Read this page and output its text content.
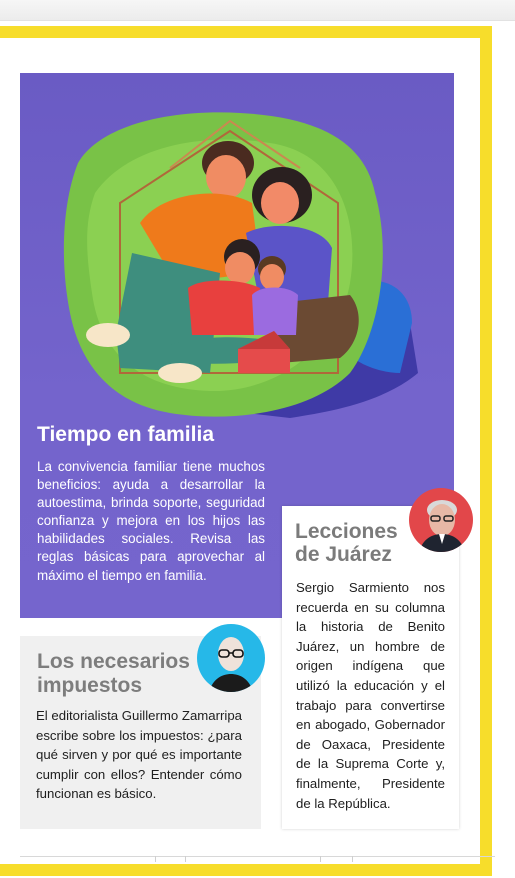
Tiempo en familia

La convivencia familiar tiene muchos beneficios: ayuda a desarrollar la autoestima, brinda soporte, seguridad confianza y mejora en los hijos las habilidades sociales. Revisa las reglas básicas para aprovechar al máximo el tiempo en familia.

Lecciones de Juárez

Sergio Sarmiento nos recuerda en su columna la historia de Benito Juárez, un hombre de origen indígena que utilizó la educación y el trabajo para convertirse en abogado, Gobernador de Oaxaca, Presidente de la Suprema Corte y, finalmente, Presidente de la República.

Los necesarios impuestos

El editorialista Guillermo Zamarripa escribe sobre los impuestos: ¿para qué sirven y por qué es importante cumplir con ellos? Entender cómo funcionan es básico.
